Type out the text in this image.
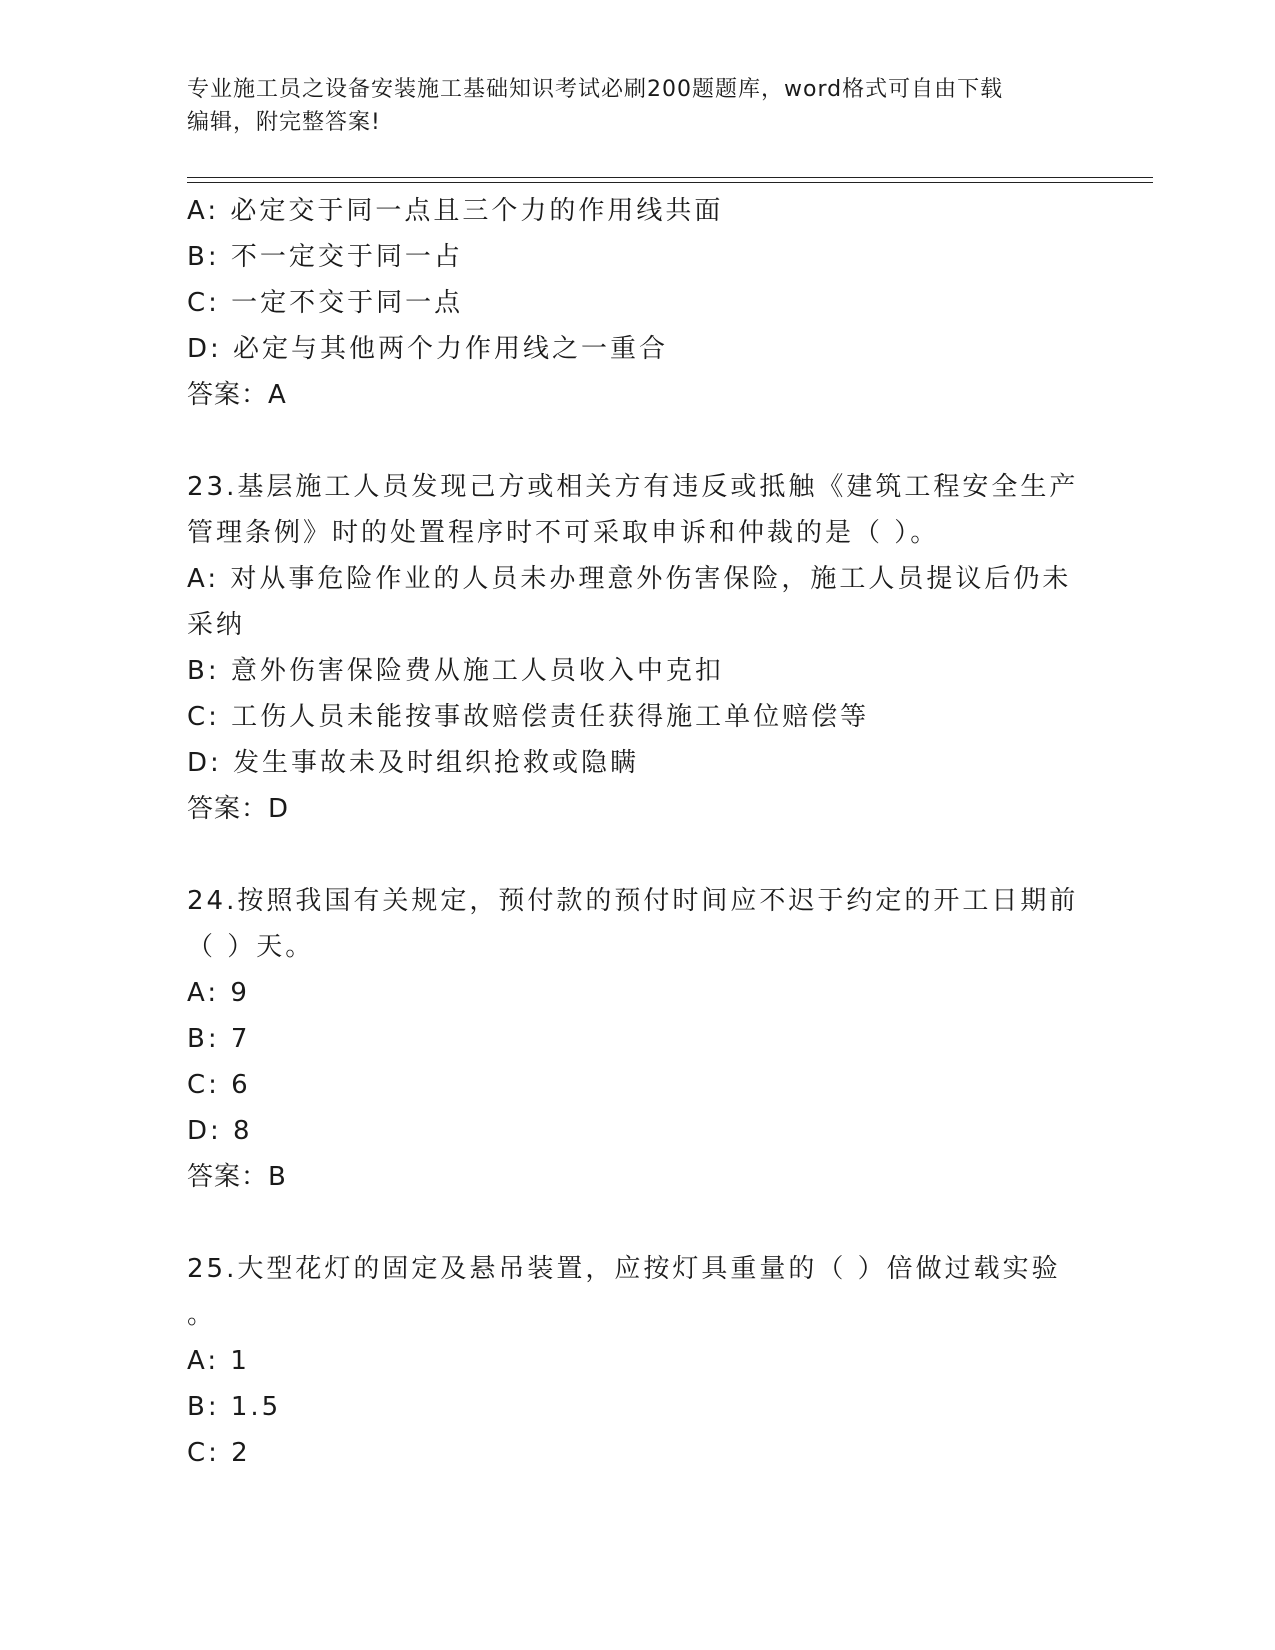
专业施工员之设备安装施工基础知识考试必刷200题题库，word格式可自由下载
编辑，附完整答案!
A: 必定交于同一点且三个力的作用线共面
B: 不一定交于同一占
C: 一定不交于同一点
D: 必定与其他两个力作用线之一重合
答案：A
23.基层施工人员发现己方或相关方有违反或抵触《建筑工程安全生产
管理条例》时的处置程序时不可采取申诉和仲裁的是（ ）。
A: 对从事危险作业的人员未办理意外伤害保险，施工人员提议后仍未
采纳
B: 意外伤害保险费从施工人员收入中克扣
C: 工伤人员未能按事故赔偿责任获得施工单位赔偿等
D: 发生事故未及时组织抢救或隐瞒
答案：D
24.按照我国有关规定，预付款的预付时间应不迟于约定的开工日期前
（ ）天。
A: 9
B: 7
C: 6
D: 8
答案：B
25.大型花灯的固定及悬吊装置，应按灯具重量的（ ）倍做过载实验
。
A: 1
B: 1.5
C: 2
